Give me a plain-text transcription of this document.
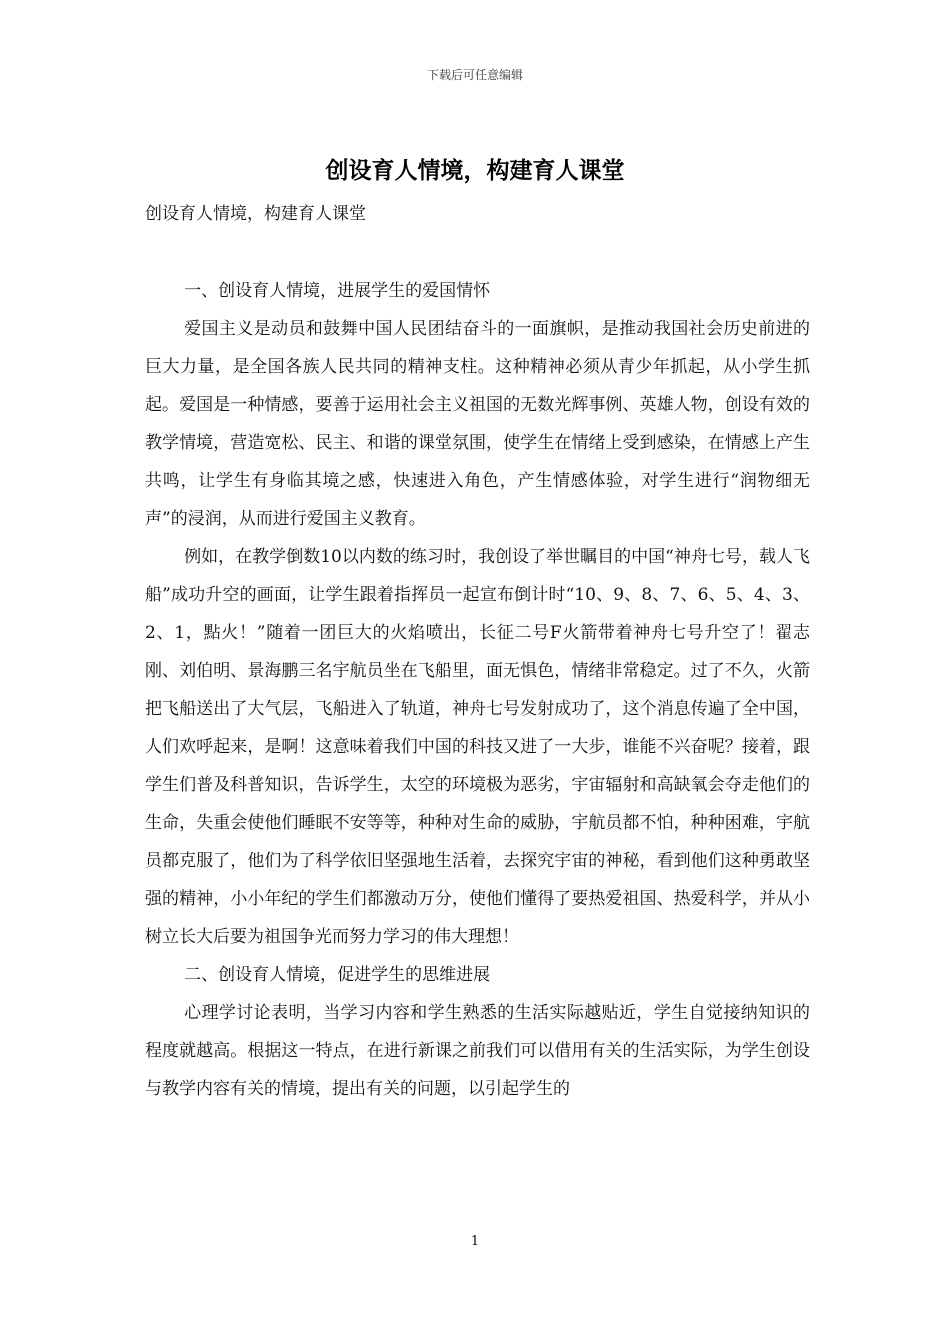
下载后可任意编辑
创设育人情境，构建育人课堂
创设育人情境，构建育人课堂

一、创设育人情境，进展学生的爱国情怀

爱国主义是动员和鼓舞中国人民团结奋斗的一面旗帜，是推动我国社会历史前进的巨大力量，是全国各族人民共同的精神支柱。这种精神必须从青少年抓起，从小学生抓起。爱国是一种情感，要善于运用社会主义祖国的无数光辉事例、英雄人物，创设有效的教学情境，营造宽松、民主、和谐的课堂氛围，使学生在情绪上受到感染，在情感上产生共鸣，让学生有身临其境之感，快速进入角色，产生情感体验，对学生进行“润物细无声”的浸润，从而进行爱国主义教育。

例如，在教学倒数10以内数的练习时，我创设了举世瞩目的中国“神舟七号，载人飞船”成功升空的画面，让学生跟着指挥员一起宣布倒计时“10、9、8、7、6、5、4、3、2、1，點火！”随着一团巨大的火焰喷出，长征二号F火箭带着神舟七号升空了！翟志刚、刘伯明、景海鹏三名宇航员坐在飞船里，面无惧色，情绪非常稳定。过了不久，火箭把飞船送出了大气层，飞船进入了轨道，神舟七号发射成功了，这个消息传遍了全中国，人们欢呼起来，是啊！这意味着我们中国的科技又进了一大步，谁能不兴奋呢？接着，跟学生们普及科普知识，告诉学生，太空的环境极为恶劣，宇宙辐射和高缺氧会夺走他们的生命，失重会使他们睡眠不安等等，种种对生命的威胁，宇航员都不怕，种种困难，宇航员都克服了，他们为了科学依旧坚强地生活着，去探究宇宙的神秘，看到他们这种勇敢坚强的精神，小小年纪的学生们都激动万分，使他们懂得了要热爱祖国、热爱科学，并从小树立长大后要为祖国争光而努力学习的伟大理想！

二、创设育人情境，促进学生的思维进展

心理学讨论表明，当学习内容和学生熟悉的生活实际越贴近，学生自觉接纳知识的程度就越高。根据这一特点，在进行新课之前我们可以借用有关的生活实际，为学生创设与教学内容有关的情境，提出有关的问题，以引起学生的

1
